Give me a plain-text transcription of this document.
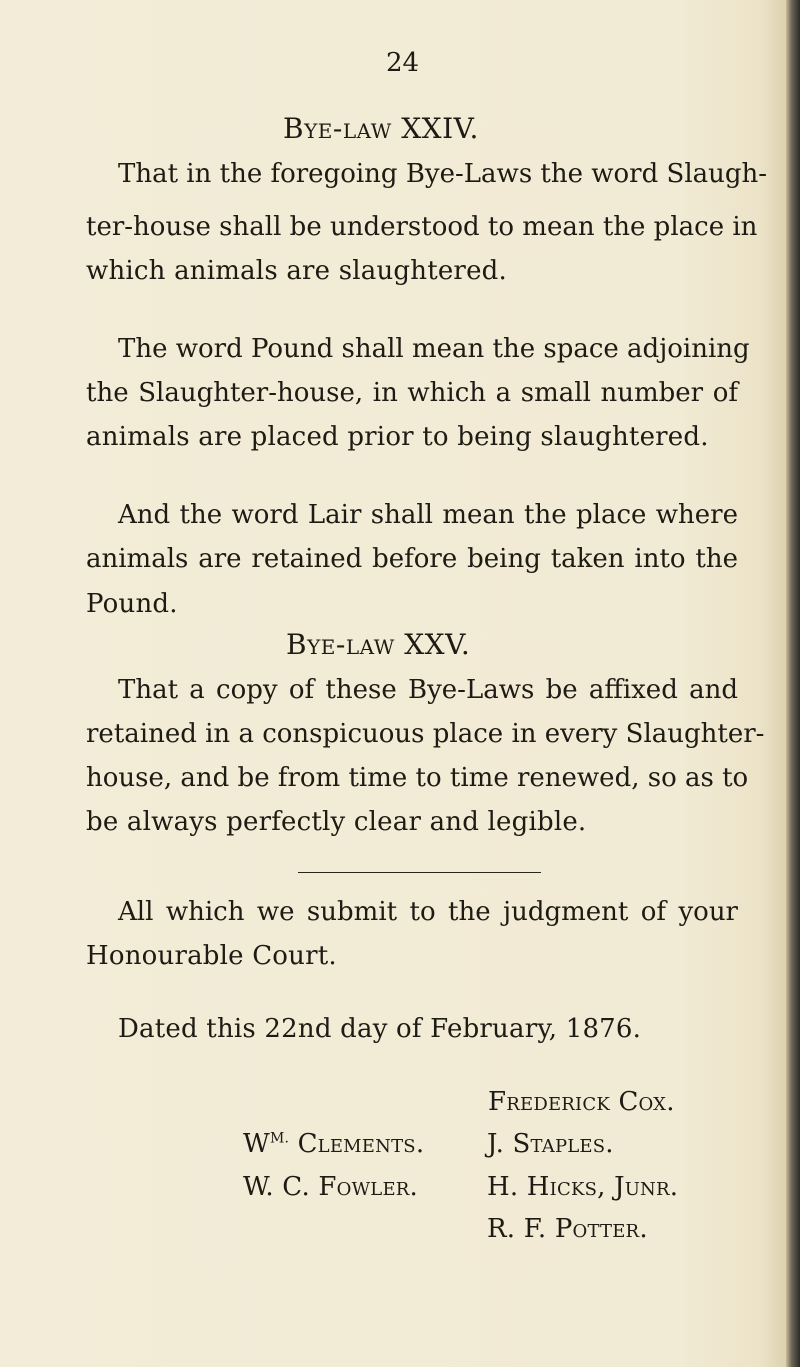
24
Bye-law XXIV.
That in the foregoing Bye-Laws the word Slaugh-
ter-house shall be understood to mean the place in
which animals are slaughtered.
The word Pound shall mean the space adjoining
the Slaughter-house, in which a small number of
animals are placed prior to being slaughtered.
And the word Lair shall mean the place where
animals are retained before being taken into the
Pound.
Bye-law XXV.
That a copy of these Bye-Laws be affixed and
retained in a conspicuous place in every Slaughter-
house, and be from time to time renewed, so as to
be always perfectly clear and legible.
All which we submit to the judgment of your
Honourable Court.
Dated this 22nd day of February, 1876.
Frederick Cox.
$W^{M.}$ Clements. J. Staples.
W. C. Fowler.	H. Hicks, Junr.
R. F. Potter.
